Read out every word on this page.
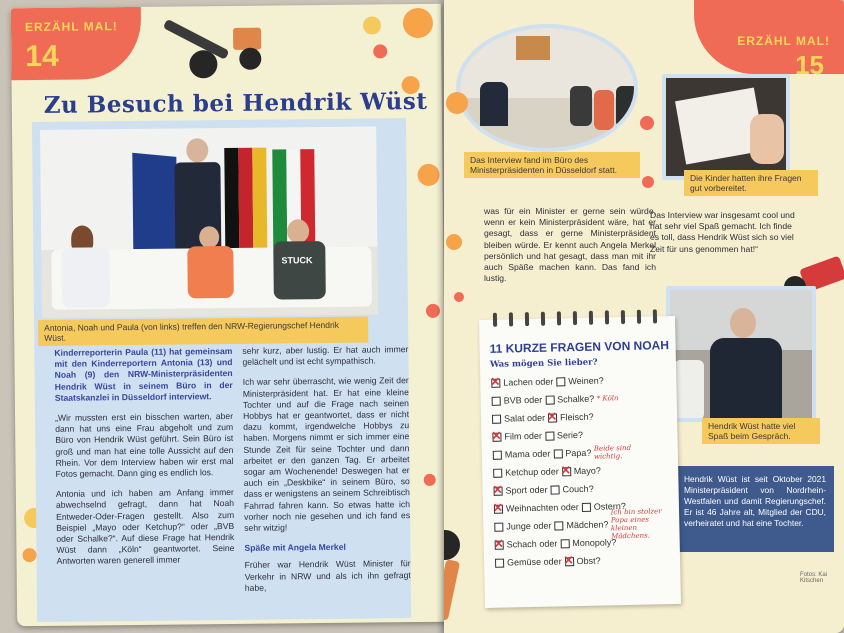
ERZÄHL MAL!
14
Zu Besuch bei Hendrik Wüst
STUCK
Antonia, Noah und Paula (von links) treffen den NRW-Regierungschef Hendrik Wüst.

Kinderreporterin Paula (11) hat gemeinsam mit den Kinderreportern Antonia (13) und Noah (9) den NRW-Ministerpräsidenten Hendrik Wüst in seinem Büro in der Staatskanzlei in Düsseldorf interviewt.

„Wir mussten erst ein bisschen warten, aber dann hat uns eine Frau abgeholt und zum Büro von Hendrik Wüst geführt. Sein Büro ist groß und man hat eine tolle Aussicht auf den Rhein. Vor dem Interview haben wir erst mal Fotos gemacht. Dann ging es endlich los.

Antonia und ich haben am Anfang immer abwechselnd gefragt, dann hat Noah Entweder-Oder-Fragen gestellt. Also zum Beispiel „Mayo oder Ketchup?“ oder „BVB oder Schalke?“. Auf diese Frage hat Hendrik Wüst dann „Köln“ geantwortet. Seine Antworten waren generell immer

sehr kurz, aber lustig. Er hat auch immer gelächelt und ist echt sympathisch.

Ich war sehr überrascht, wie wenig Zeit der Ministerpräsident hat. Er hat eine kleine Tochter und auf die Frage nach seinen Hobbys hat er geantwortet, dass er nicht dazu kommt, irgendwelche Hobbys zu haben. Morgens nimmt er sich immer eine Stunde Zeit für seine Tochter und dann arbeitet er den ganzen Tag. Er arbeitet sogar am Wochenende! Deswegen hat er auch ein „Deskbike“ in seinem Büro, so dass er wenigstens an seinem Schreibtisch Fahrrad fahren kann. So etwas hatte ich vorher noch nie gesehen und ich fand es sehr witzig!

Späße mit Angela Merkel

Früher war Hendrik Wüst Minister für Verkehr in NRW und als ich ihn gefragt habe,

ERZÄHL MAL!
15
Das Interview fand im Büro des Ministerpräsidenten in Düsseldorf statt.
Die Kinder hatten ihre Fragen gut vorbereitet.
was für ein Minister er gerne sein würde, wenn er kein Ministerpräsident wäre, hat er gesagt, dass er gerne Ministerpräsident bleiben würde. Er kennt auch Angela Merkel persönlich und hat gesagt, dass man mit ihr auch Späße machen kann. Das fand ich lustig.
Das Interview war insgesamt cool und hat sehr viel Spaß gemacht. Ich finde es toll, dass Hendrik Wüst sich so viel Zeit für uns genommen hat!“
Hendrik Wüst hatte viel Spaß beim Gespräch.
Hendrik Wüst ist seit Oktober 2021 Ministerpräsident von Nordrhein-Westfalen und damit Regierungschef. Er ist 46 Jahre alt, Mitglied der CDU, verheiratet und hat eine Tochter.
Fotos: Kai Kitschen
11 KURZE FRAGEN VON NOAH
Was mögen Sie lieber?
✕
Lachen
oder Weinen?
BVB
oder Schalke?
* Köln
Salat
oder ✕ Fleisch?
✕
Film
oder Serie?
Mama
oder Papa?
Beide sind wichtig.
Ketchup
oder ✕ Mayo?
✕
Sport
oder Couch?
✕
Weihnachten
oder Ostern?
Junge
oder Mädchen?

Ich bin stolzer Papa eines kleinen Mädchens.
✕
Schach
oder Monopoly?
Gemüse
oder ✕ Obst?
